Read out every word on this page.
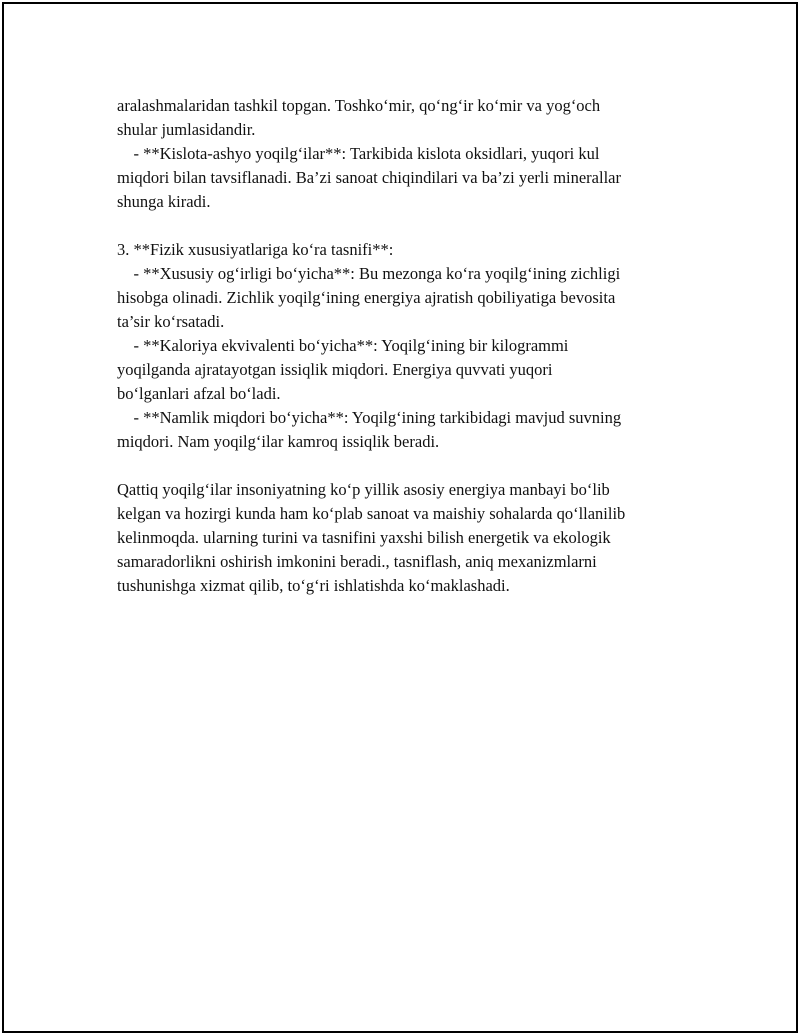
aralashmalaridan tashkil topgan. Toshko‘mir, qo‘ng‘ir ko‘mir va yog‘och
shular jumlasidandir.
- **Kislota-ashyo yoqilg‘ilar**: Tarkibida kislota oksidlari, yuqori kul
miqdori bilan tavsiflanadi. Ba’zi sanoat chiqindilari va ba’zi yerli minerallar
shunga kiradi.
3. **Fizik xususiyatlariga ko‘ra tasnifi**:
- **Xususiy og‘irligi bo‘yicha**: Bu mezonga ko‘ra yoqilg‘ining zichligi
hisobga olinadi. Zichlik yoqilg‘ining energiya ajratish qobiliyatiga bevosita
ta’sir ko‘rsatadi.
- **Kaloriya ekvivalenti bo‘yicha**: Yoqilg‘ining bir kilogrammi
yoqilganda ajratayotgan issiqlik miqdori. Energiya quvvati yuqori
bo‘lganlari afzal bo‘ladi.
- **Namlik miqdori bo‘yicha**: Yoqilg‘ining tarkibidagi mavjud suvning
miqdori. Nam yoqilg‘ilar kamroq issiqlik beradi.
Qattiq yoqilg‘ilar insoniyatning ko‘p yillik asosiy energiya manbayi bo‘lib
kelgan va hozirgi kunda ham ko‘plab sanoat va maishiy sohalarda qo‘llanilib
kelinmoqda. ularning turini va tasnifini yaxshi bilish energetik va ekologik
samaradorlikni oshirish imkonini beradi., tasniflash, aniq mexanizmlarni
tushunishga xizmat qilib, to‘g‘ri ishlatishda ko‘maklashadi.
